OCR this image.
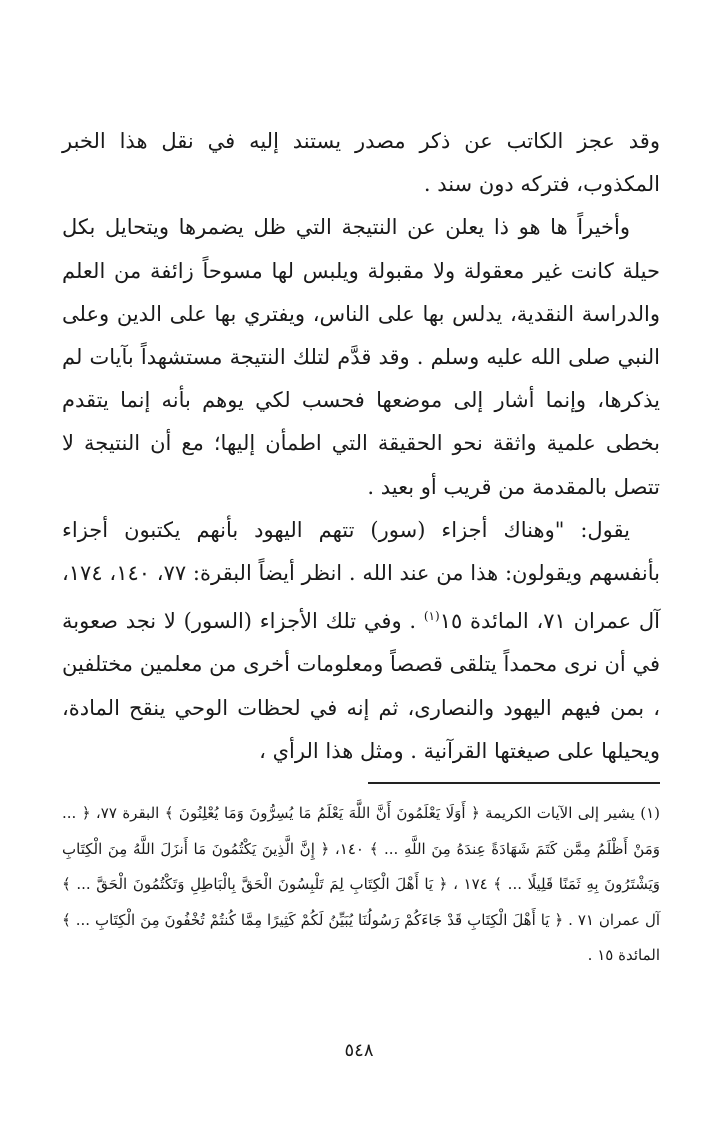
وقد عجز الكاتب عن ذكر مصدر يستند إليه في نقل هذا الخبر المكذوب، فتركه دون سند .

وأخيراً ها هو ذا يعلن عن النتيجة التي ظل يضمرها ويتحايل بكل حيلة كانت غير معقولة ولا مقبولة ويلبس لها مسوحاً زائفة من العلم والدراسة النقدية، يدلس بها على الناس، ويفتري بها على الدين وعلى النبي صلى الله عليه وسلم . وقد قدَّم لتلك النتيجة مستشهداً بآيات لم يذكرها، وإنما أشار إلى موضعها فحسب لكي يوهم بأنه إنما يتقدم بخطى علمية واثقة نحو الحقيقة التي اطمأن إليها؛ مع أن النتيجة لا تتصل بالمقدمة من قريب أو بعيد .

يقول: "وهناك أجزاء (سور) تتهم اليهود بأنهم يكتبون أجزاء بأنفسهم ويقولون: هذا من عند الله . انظر أيضاً البقرة: ٧٧، ١٤٠، ١٧٤، آل عمران ٧١، المائدة ١٥$^{(١)}$ . وفي تلك الأجزاء (السور) لا نجد صعوبة في أن نرى محمداً يتلقى قصصاً ومعلومات أخرى من معلمين مختلفين ، بمن فيهم اليهود والنصارى، ثم إنه في لحظات الوحي ينقح المادة، ويحيلها على صيغتها القرآنية . ومثل هذا الرأي ،

(١) يشير إلى الآيات الكريمة ﴿ أَوَلَا يَعْلَمُونَ أَنَّ اللَّهَ يَعْلَمُ مَا يُسِرُّونَ وَمَا يُعْلِنُونَ ﴾ البقرة ٧٧، ﴿ ... وَمَنْ أَظْلَمُ مِمَّن كَتَمَ شَهَادَةً عِندَهُ مِنَ اللَّهِ ... ﴾ ١٤٠، ﴿ إِنَّ الَّذِينَ يَكْتُمُونَ مَا أَنزَلَ اللَّهُ مِنَ الْكِتَابِ وَيَشْتَرُونَ بِهِ ثَمَنًا قَلِيلًا ... ﴾ ١٧٤ ، ﴿ يَا أَهْلَ الْكِتَابِ لِمَ تَلْبِسُونَ الْحَقَّ بِالْبَاطِلِ وَتَكْتُمُونَ الْحَقَّ ... ﴾ آل عمران ٧١ . ﴿ يَا أَهْلَ الْكِتَابِ قَدْ جَاءَكُمْ رَسُولُنَا يُبَيِّنُ لَكُمْ كَثِيرًا مِمَّا كُنتُمْ تُخْفُونَ مِنَ الْكِتَابِ ... ﴾ المائدة ١٥ .

٥٤٨
